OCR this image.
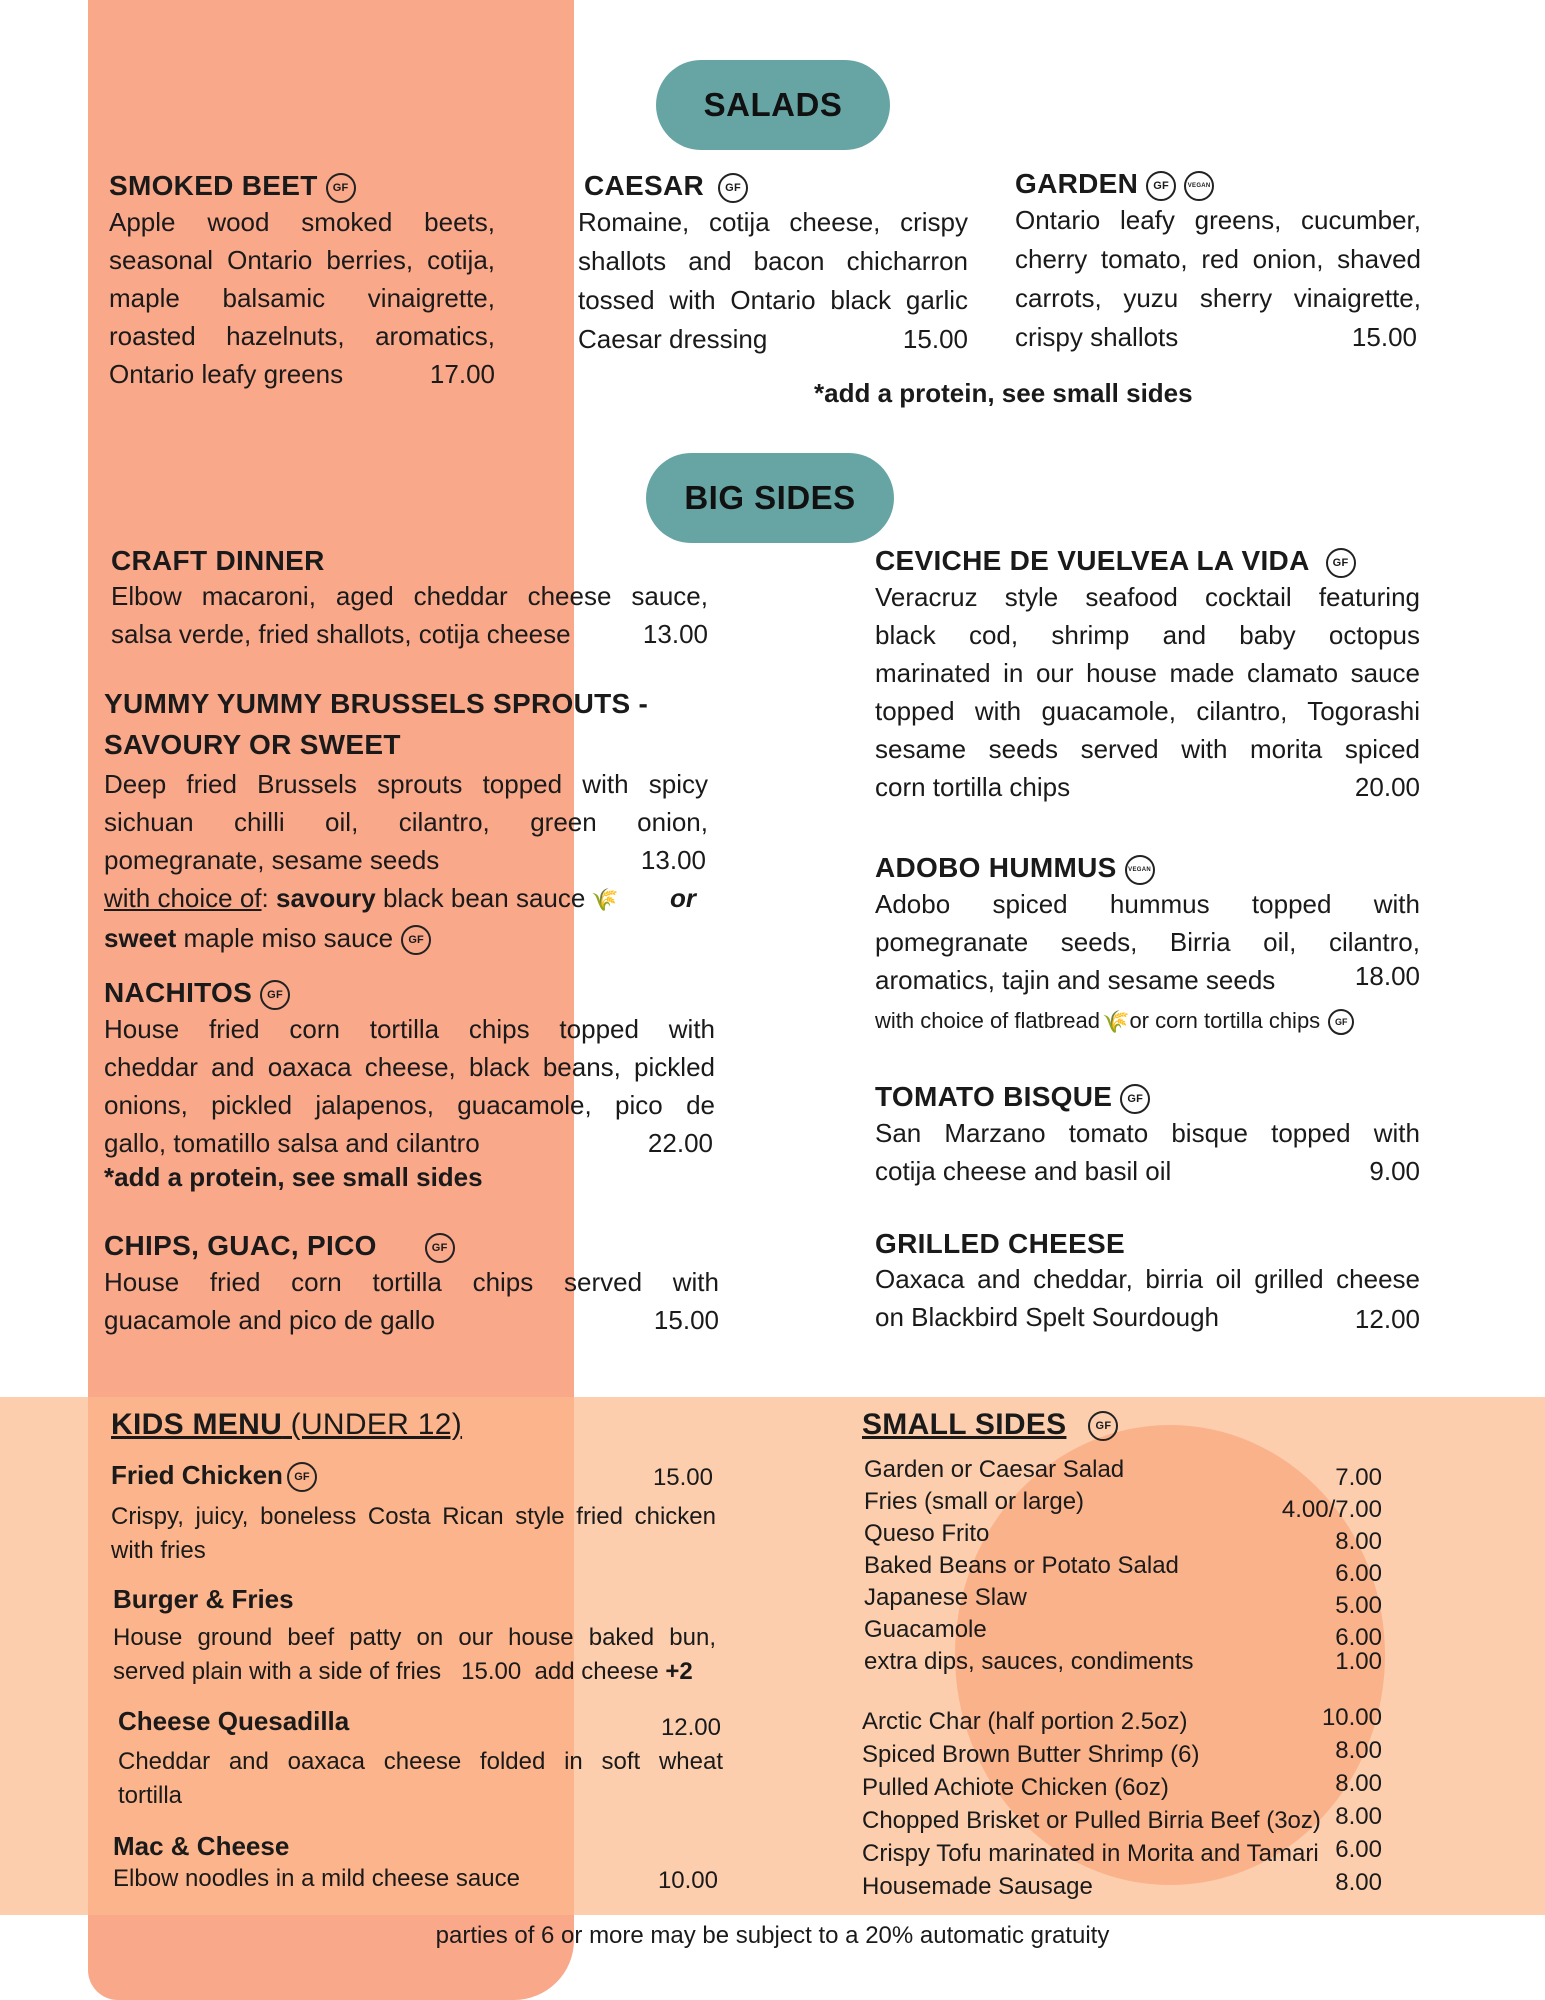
SALADS
SMOKED BEET GF
Apple wood smoked beets,
seasonal Ontario berries, cotija,
maple balsamic vinaigrette,
roasted hazelnuts, aromatics,
Ontario leafy greens	17.00
CAESAR GF
Romaine, cotija cheese, crispy
shallots and bacon chicharron
tossed with Ontario black garlic
Caesar dressing	15.00
GARDEN GF	VEGAN
Ontario leafy greens, cucumber,
cherry tomato, red onion, shaved
carrots, yuzu sherry vinaigrette,
crispy shallots	15.00
*add a protein, see small sides
BIG SIDES
CRAFT DINNER
Elbow macaroni, aged cheddar cheese sauce,
salsa verde, fried shallots, cotija cheese	13.00
YUMMY YUMMY BRUSSELS SPROUTS -
SAVOURY OR SWEET
Deep fried Brussels sprouts topped with spicy
sichuan chilli oil, cilantro, green onion,
pomegranate, sesame seeds	13.00
with choice of: savoury black bean sauce 🌾 or
sweet maple miso sauce GF
NACHITOS GF
House fried corn tortilla chips topped with
cheddar and oaxaca cheese, black beans, pickled
onions, pickled jalapenos, guacamole, pico de
gallo, tomatillo salsa and cilantro	22.00
*add a protein, see small sides
CHIPS, GUAC, PICO	GF
House fried corn tortilla chips served with
guacamole and pico de gallo	15.00
CEVICHE DE VUELVEA LA VIDA GF
Veracruz style seafood cocktail featuring
black cod, shrimp and baby octopus
marinated in our house made clamato sauce
topped with guacamole, cilantro, Togorashi
sesame seeds served with morita spiced
corn tortilla chips	20.00
ADOBO HUMMUS VEGAN
Adobo spiced hummus topped with
pomegranate seeds, Birria oil, cilantro,
aromatics, tajin and sesame seeds	18.00
with choice of flatbread🌾or corn tortilla chips GF
TOMATO BISQUE GF
San Marzano tomato bisque topped with
cotija cheese and basil oil	9.00
GRILLED CHEESE
Oaxaca and cheddar, birria oil grilled cheese
on Blackbird Spelt Sourdough	12.00
KIDS MENU (UNDER 12)
Fried Chicken GF	15.00
Crispy, juicy, boneless Costa Rican style fried chicken
with fries
Burger & Fries
House ground beef patty on our house baked bun,
served plain with a side of fries   15.00  add cheese +2
Cheese Quesadilla	12.00
Cheddar and oaxaca cheese folded in soft wheat
tortilla
Mac & Cheese
Elbow noodles in a mild cheese sauce	10.00
SMALL SIDES	GF
Garden or Caesar Salad	7.00
Fries (small or large)	4.00/7.00
Queso Frito	8.00
Baked Beans or Potato Salad	6.00
Japanese Slaw	5.00
Guacamole	6.00
extra dips, sauces, condiments	1.00
Arctic Char (half portion 2.5oz)	10.00
Spiced Brown Butter Shrimp (6)	8.00
Pulled Achiote Chicken (6oz)	8.00
Chopped Brisket or Pulled Birria Beef (3oz) 8.00
Crispy Tofu marinated in Morita and Tamari 6.00
Housemade Sausage	8.00
parties of 6 or more may be subject to a 20% automatic gratuity
